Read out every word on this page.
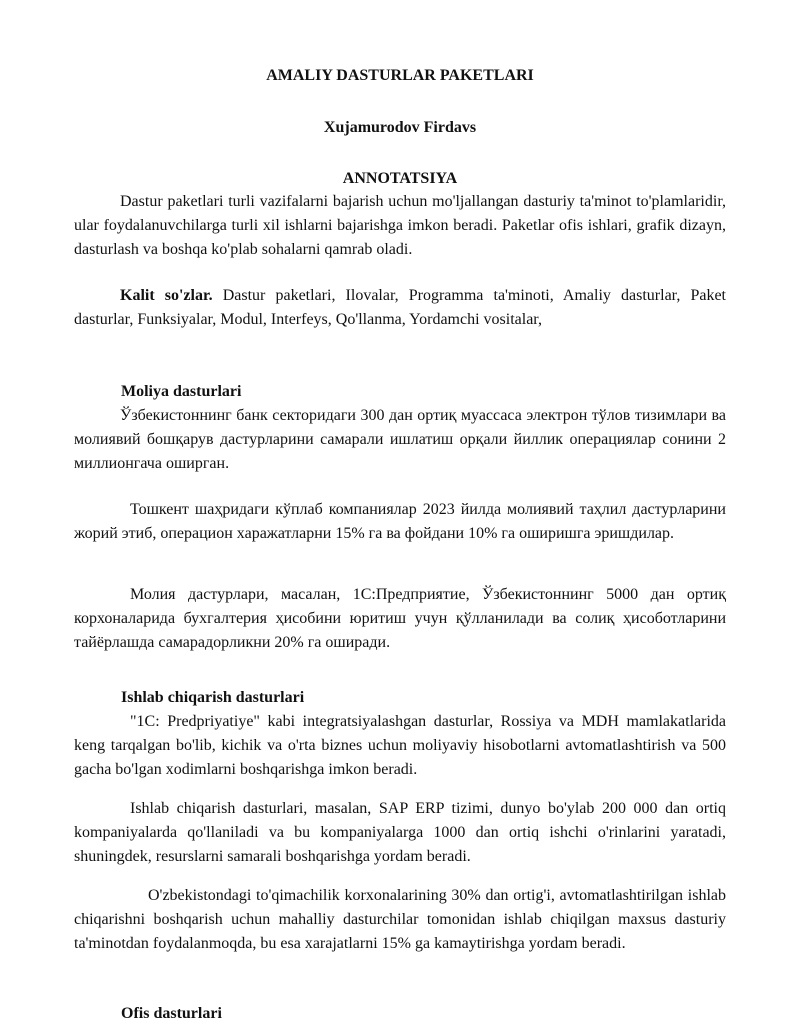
AMALIY DASTURLAR PAKETLARI

Xujamurodov Firdavs

ANNOTATSIYA

Dastur paketlari turli vazifalarni bajarish uchun mo'ljallangan dasturiy ta'minot to'plamlaridir, ular foydalanuvchilarga turli xil ishlarni bajarishga imkon beradi. Paketlar ofis ishlari, grafik dizayn, dasturlash va boshqa ko'plab sohalarni qamrab oladi.

Kalit so'zlar. Dastur paketlari, Ilovalar, Programma ta'minoti, Amaliy dasturlar, Paket dasturlar, Funksiyalar, Modul, Interfeys, Qo'llanma, Yordamchi vositalar,

Moliya dasturlari

Ўзбекистоннинг банк секторидаги 300 дан ортиқ муассаса электрон тўлов тизимлари ва молиявий бошқарув дастурларини самарали ишлатиш орқали йиллик операциялар сонини 2 миллионгача оширган.

Тошкент шаҳридаги кўплаб компаниялар 2023 йилда молиявий таҳлил дастурларини жорий этиб, операцион харажатларни 15% га ва фойдани 10% га оширишга эришдилар.

Молия дастурлари, масалан, 1С:Предприятие, Ўзбекистоннинг 5000 дан ортиқ корхоналарида бухгалтерия ҳисобини юритиш учун қўлланилади ва солиқ ҳисоботларини тайёрлашда самарадорликни 20% га оширади.

Ishlab chiqarish dasturlari

"1C: Predpriyatiye" kabi integratsiyalashgan dasturlar, Rossiya va MDH mamlakatlarida keng tarqalgan bo'lib, kichik va o'rta biznes uchun moliyaviy hisobotlarni avtomatlashtirish va 500 gacha bo'lgan xodimlarni boshqarishga imkon beradi.

Ishlab chiqarish dasturlari, masalan, SAP ERP tizimi, dunyo bo'ylab 200 000 dan ortiq kompaniyalarda qo'llaniladi va bu kompaniyalarga 1000 dan ortiq ishchi o'rinlarini yaratadi, shuningdek, resurslarni samarali boshqarishga yordam beradi.

O'zbekistondagi to'qimachilik korxonalarining 30% dan ortig'i, avtomatlashtirilgan ishlab chiqarishni boshqarish uchun mahalliy dasturchilar tomonidan ishlab chiqilgan maxsus dasturiy ta'minotdan foydalanmoqda, bu esa xarajatlarni 15% ga kamaytirishga yordam beradi.

Ofis dasturlari
